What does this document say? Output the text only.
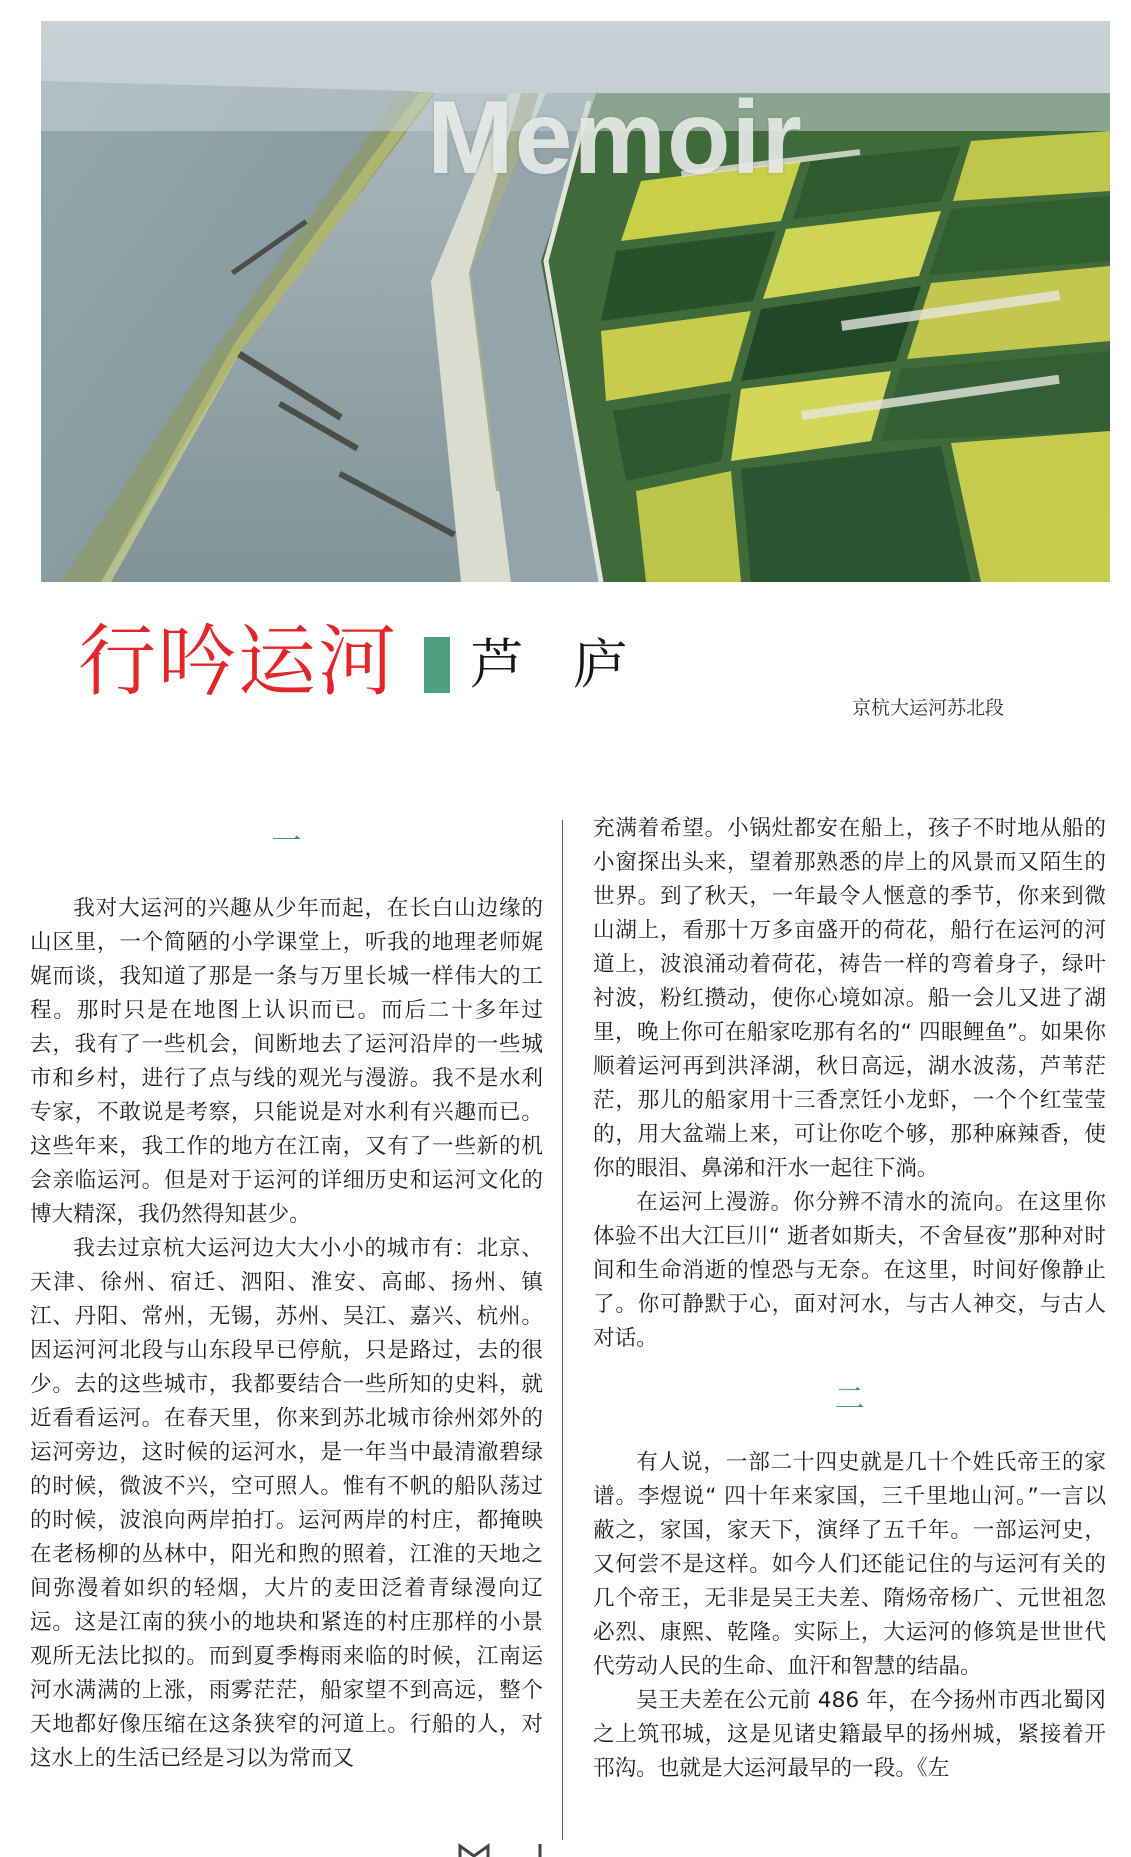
Memoir
行吟运河 芦 庐
京杭大运河苏北段
一

我对大运河的兴趣从少年而起，在长白山边缘的山区里，一个简陋的小学课堂上，听我的地理老师娓娓而谈，我知道了那是一条与万里长城一样伟大的工程。那时只是在地图上认识而已。而后二十多年过去，我有了一些机会，间断地去了运河沿岸的一些城市和乡村，进行了点与线的观光与漫游。我不是水利专家，不敢说是考察，只能说是对水利有兴趣而已。这些年来，我工作的地方在江南，又有了一些新的机会亲临运河。但是对于运河的详细历史和运河文化的博大精深，我仍然得知甚少。

我去过京杭大运河边大大小小的城市有：北京、天津、徐州、宿迁、泗阳、淮安、高邮、扬州、镇江、丹阳、常州，无锡，苏州、吴江、嘉兴、杭州。因运河河北段与山东段早已停航，只是路过，去的很少。去的这些城市，我都要结合一些所知的史料，就近看看运河。在春天里，你来到苏北城市徐州郊外的运河旁边，这时候的运河水，是一年当中最清澈碧绿的时候，微波不兴，空可照人。惟有不帆的船队荡过的时候，波浪向两岸拍打。运河两岸的村庄，都掩映在老杨柳的丛林中，阳光和煦的照着，江淮的天地之间弥漫着如织的轻烟，大片的麦田泛着青绿漫向辽远。这是江南的狭小的地块和紧连的村庄那样的小景观所无法比拟的。而到夏季梅雨来临的时候，江南运河水满满的上涨，雨雾茫茫，船家望不到高远，整个天地都好像压缩在这条狭窄的河道上。行船的人，对这水上的生活已经是习以为常而又

充满着希望。小锅灶都安在船上，孩子不时地从船的小窗探出头来，望着那熟悉的岸上的风景而又陌生的世界。到了秋天，一年最令人惬意的季节，你来到微山湖上，看那十万多亩盛开的荷花，船行在运河的河道上，波浪涌动着荷花，祷告一样的弯着身子，绿叶衬波，粉红攒动，使你心境如凉。船一会儿又进了湖里，晚上你可在船家吃那有名的“ 四眼鲤鱼”。如果你顺着运河再到洪泽湖，秋日高远，湖水波荡，芦苇茫茫，那儿的船家用十三香烹饪小龙虾，一个个红莹莹的，用大盆端上来，可让你吃个够，那种麻辣香，使你的眼泪、鼻涕和汗水一起往下淌。

在运河上漫游。你分辨不清水的流向。在这里你体验不出大江巨川“ 逝者如斯夫，不舍昼夜”那种对时间和生命消逝的惶恐与无奈。在这里，时间好像静止了。你可静默于心，面对河水，与古人神交，与古人对话。

二

有人说，一部二十四史就是几十个姓氏帝王的家谱。李煜说“ 四十年来家国，三千里地山河。”一言以蔽之，家国，家天下，演绎了五千年。一部运河史，又何尝不是这样。如今人们还能记住的与运河有关的几个帝王，无非是吴王夫差、隋炀帝杨广、元世祖忽必烈、康熙、乾隆。实际上，大运河的修筑是世世代代劳动人民的生命、血汗和智慧的结晶。

吴王夫差在公元前 486 年，在今扬州市西北蜀冈之上筑邗城，这是见诸史籍最早的扬州城，紧接着开邗沟。也就是大运河最早的一段。《左
